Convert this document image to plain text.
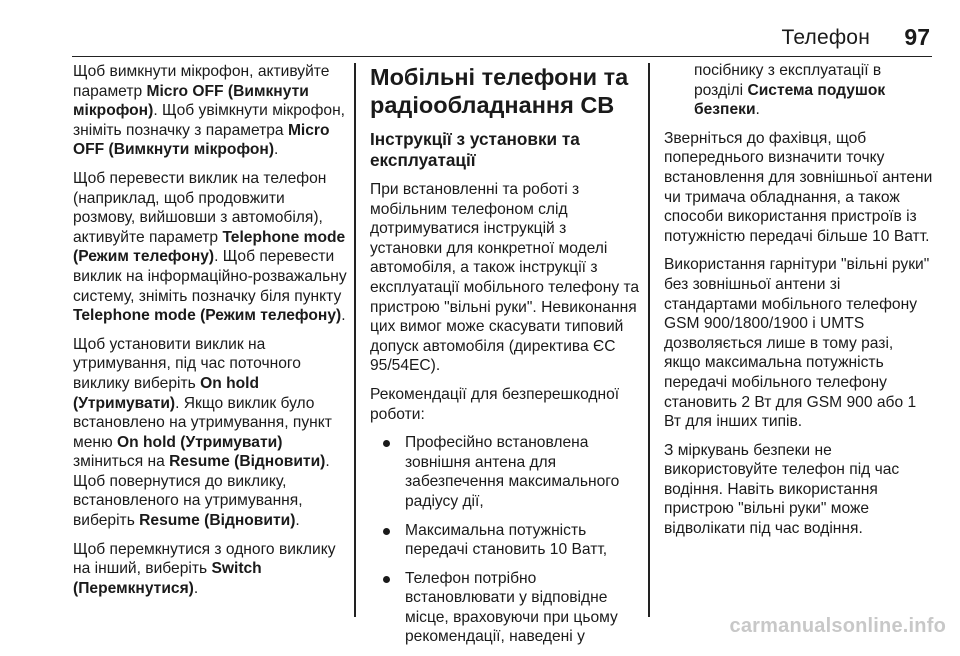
Телефон 97

Щоб вимкнути мікрофон, активуйте параметр Micro OFF (Вимкнути мікрофон). Щоб увімкнути мікрофон, зніміть позначку з параметра Micro OFF (Вимкнути мікрофон).

Щоб перевести виклик на телефон (наприклад, щоб продовжити розмову, вийшовши з автомобіля), активуйте параметр Telephone mode (Режим телефону). Щоб перевести виклик на інформаційно-розважальну систему, зніміть позначку біля пункту Telephone mode (Режим телефону).

Щоб установити виклик на утримування, під час поточного виклику виберіть On hold (Утримувати). Якщо виклик було встановлено на утримування, пункт меню On hold (Утримувати) зміниться на Resume (Відновити). Щоб повернутися до виклику, встановленого на утримування, виберіть Resume (Відновити).

Щоб перемкнутися з одного виклику на інший, виберіть Switch (Перемкнутися).

Мобільні телефони та радіообладнання CB
Інструкції з установки та експлуатації

При встановленні та роботі з мобільним телефоном слід дотримуватися інструкцій з установки для конкретної моделі автомобіля, а також інструкції з експлуатації мобільного телефону та пристрою "вільні руки". Невиконання цих вимог може скасувати типовий допуск автомобіля (директива ЄС 95/54ЕС).

Рекомендації для безперешкодної роботи:

Професійно встановлена зовнішня антена для забезпечення максимального радіусу дії,
Максимальна потужність передачі становить 10 Ватт,
Телефон потрібно встановлювати у відповідне місце, враховуючи при цьому рекомендації, наведені у

посібнику з експлуатації в розділі Система подушок безпеки.

Зверніться до фахівця, щоб попереднього визначити точку встановлення для зовнішньої антени чи тримача обладнання, а також способи використання пристроїв із потужністю передачі більше 10 Ватт.

Використання гарнітури "вільні руки" без зовнішньої антени зі стандартами мобільного телефону GSM 900/1800/1900 і UMTS дозволяється лише в тому разі, якщо максимальна потужність передачі мобільного телефону становить 2 Вт для GSM 900 або 1 Вт для інших типів.

З міркувань безпеки не використовуйте телефон під час водіння. Навіть використання пристрою "вільні руки" може відволікати під час водіння.

carmanualsonline.info
